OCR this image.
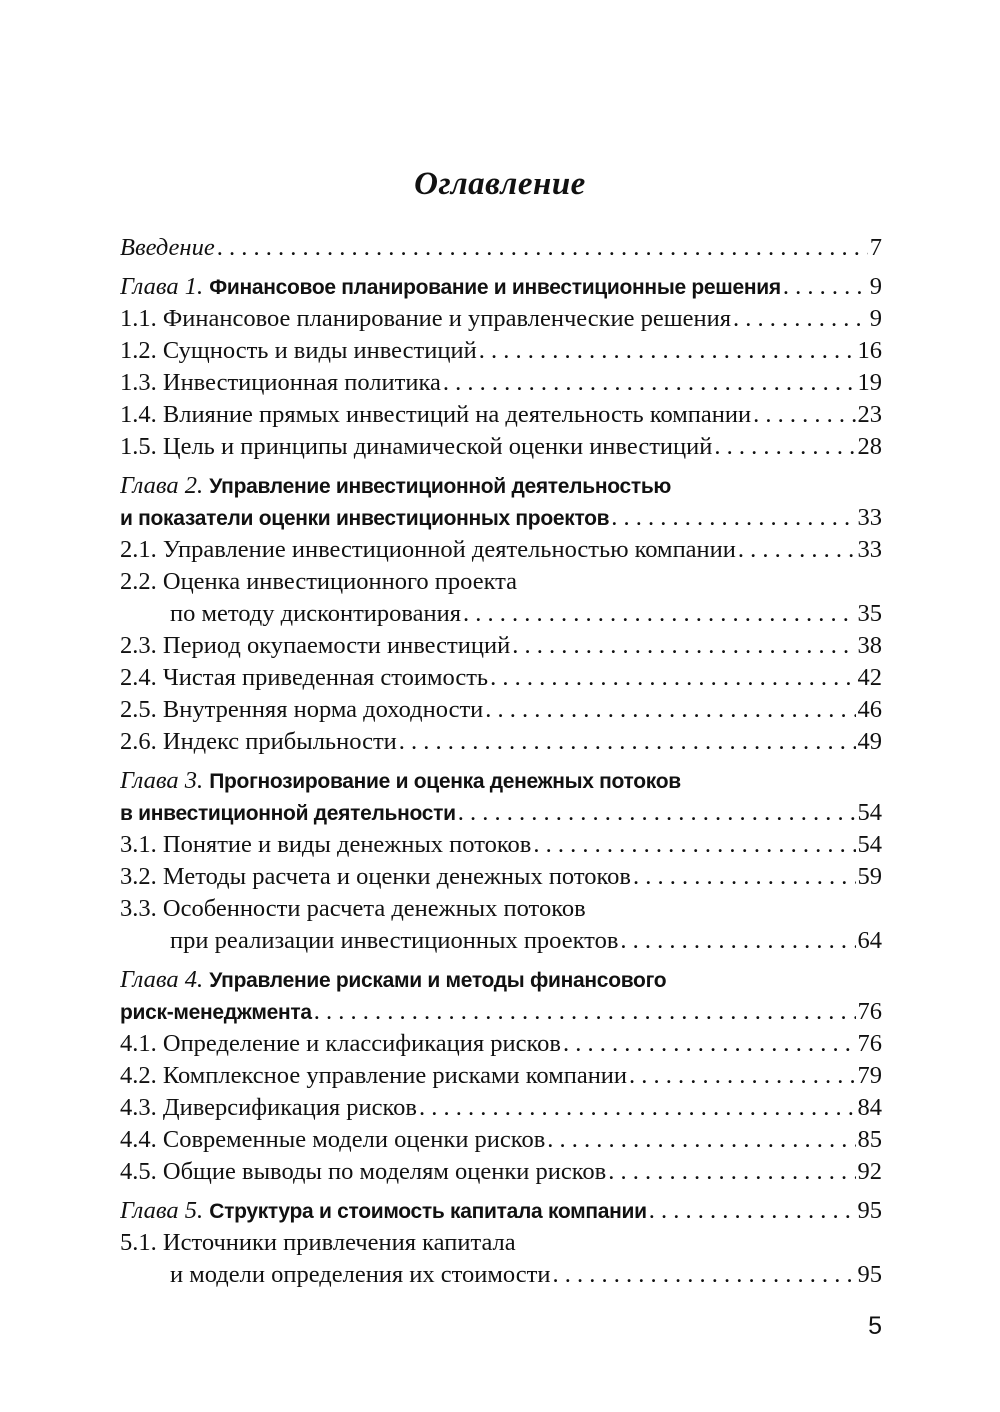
Оглавление
Введение . . .	7
Глава 1. Финансовое планирование и инвестиционные решения . . .	9
1.1. Финансовое планирование и управленческие решения . . .	9
1.2. Сущность и виды инвестиций . . .	16
1.3. Инвестиционная политика . . .	19
1.4. Влияние прямых инвестиций на деятельность компании . . .	23
1.5. Цель и принципы динамической оценки инвестиций . . .	28
Глава 2. Управление инвестиционной деятельностью
и показатели оценки инвестиционных проектов . . .	33
2.1. Управление инвестиционной деятельностью компании . . .	33
2.2. Оценка инвестиционного проекта
по методу дисконтирования . . .	35
2.3. Период окупаемости инвестиций . . .	38
2.4. Чистая приведенная стоимость . . .	42
2.5. Внутренняя норма доходности . . .	46
2.6. Индекс прибыльности . . .	49
Глава 3. Прогнозирование и оценка денежных потоков
в инвестиционной деятельности . . .	54
3.1. Понятие и виды денежных потоков . . .	54
3.2. Методы расчета и оценки денежных потоков . . .	59
3.3. Особенности расчета денежных потоков
при реализации инвестиционных проектов . . .	64
Глава 4. Управление рисками и методы финансового
риск-менеджмента . . .	76
4.1. Определение и классификация рисков . . .	76
4.2. Комплексное управление рисками компании . . .	79
4.3. Диверсификация рисков . . .	84
4.4. Современные модели оценки рисков . . .	85
4.5. Общие выводы по моделям оценки рисков . . .	92
Глава 5. Структура и стоимость капитала компании . . .	95
5.1. Источники привлечения капитала
и модели определения их стоимости . . .	95
5
